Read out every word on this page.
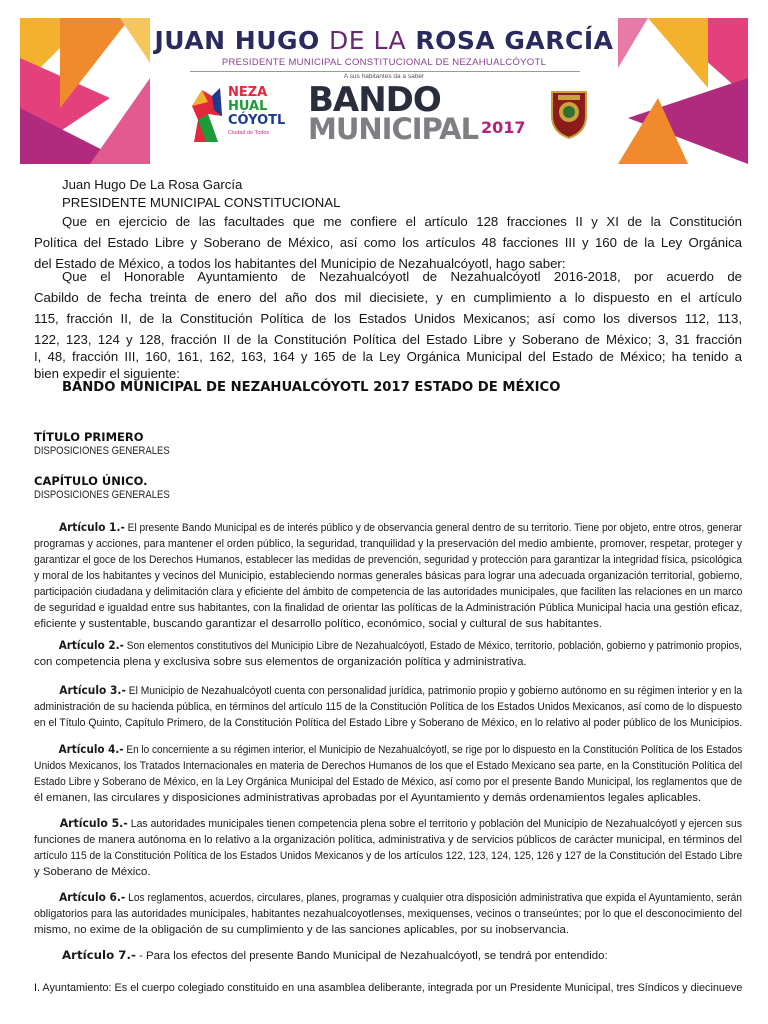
JUAN HUGO DE LA ROSA GARCÍA
PRESIDENTE MUNICIPAL CONSTITUCIONAL DE NEZAHUALCÓYOTL
A sus habitantes da a saber
NEZA
HUAL
CÓYOTL
Ciudad de Todos
BANDO
MUNICIPAL 2017
Juan Hugo De La Rosa García
PRESIDENTE MUNICIPAL CONSTITUCIONAL
Que en ejercicio de las facultades que me confiere el artículo 128 fracciones II y XI de la Constitución
Política del Estado Libre y Soberano de México, así como los artículos 48 facciones III y 160 de la Ley Orgánica
del Estado de México, a todos los habitantes del Municipio de Nezahualcóyotl, hago saber:
Que el Honorable Ayuntamiento de Nezahualcóyotl de Nezahualcóyotl 2016-2018, por acuerdo de
Cabildo de fecha treinta de enero del año dos mil diecisiete, y en cumplimiento a lo dispuesto en el artículo
115, fracción II, de la Constitución Política de los Estados Unidos Mexicanos; así como los diversos 112, 113,
122, 123, 124 y 128, fracción II de la Constitución Política del Estado Libre y Soberano de México; 3, 31 fracción
I, 48, fracción III, 160, 161, 162, 163, 164 y 165 de la Ley Orgánica Municipal del Estado de México; ha tenido a
bien expedir el siguiente:
BANDO MUNICIPAL DE NEZAHUALCÓYOTL 2017 ESTADO DE MÉXICO
TÍTULO PRIMERO
DISPOSICIONES GENERALES
CAPÍTULO ÚNICO.
DISPOSICIONES GENERALES
Artículo 1.- El presente Bando Municipal es de interés público y de observancia general dentro de su territorio. Tiene por objeto, entre otros, generar
programas y acciones, para mantener el orden público, la seguridad, tranquilidad y la preservación del medio ambiente, promover, respetar, proteger y
garantizar el goce de los Derechos Humanos, establecer las medidas de prevención, seguridad y protección para garantizar la integridad física, psicológica
y moral de los habitantes y vecinos del Municipio, estableciendo normas generales básicas para lograr una adecuada organización territorial, gobierno,
participación ciudadana y delimitación clara y eficiente del ámbito de competencia de las autoridades municipales, que faciliten las relaciones en un marco
de seguridad e igualdad entre sus habitantes, con la finalidad de orientar las políticas de la Administración Pública Municipal hacia una gestión eficaz,
eficiente y sustentable, buscando garantizar el desarrollo político, económico, social y cultural de sus habitantes.
Artículo 2.- Son elementos constitutivos del Municipio Libre de Nezahualcóyotl, Estado de México, territorio, población, gobierno y patrimonio propios,
con competencia plena y exclusiva sobre sus elementos de organización política y administrativa.
Artículo 3.- El Municipio de Nezahualcóyotl cuenta con personalidad jurídica, patrimonio propio y gobierno autónomo en su régimen interior y en la
administración de su hacienda pública, en términos del artículo 115 de la Constitución Política de los Estados Unidos Mexicanos, así como de lo dispuesto
en el Título Quinto, Capítulo Primero, de la Constitución Política del Estado Libre y Soberano de México, en lo relativo al poder público de los Municipios.
Artículo 4.- En lo concerniente a su régimen interior, el Municipio de Nezahualcóyotl, se rige por lo dispuesto en la Constitución Política de los Estados
Unidos Mexicanos, los Tratados Internacionales en materia de Derechos Humanos de los que el Estado Mexicano sea parte, en la Constitución Política del
Estado Libre y Soberano de México, en la Ley Orgánica Municipal del Estado de México, así como por el presente Bando Municipal, los reglamentos que de
él emanen, las circulares y disposiciones administrativas aprobadas por el Ayuntamiento y demás ordenamientos legales aplicables.
Artículo 5.- Las autoridades municipales tienen competencia plena sobre el territorio y población del Municipio de Nezahualcóyotl y ejercen sus
funciones de manera autónoma en lo relativo a la organización política, administrativa y de servicios públicos de carácter municipal, en términos del
artículo 115 de la Constitución Política de los Estados Unidos Mexicanos y de los artículos 122, 123, 124, 125, 126 y 127 de la Constitución del Estado Libre
y Soberano de México.
Artículo 6.- Los reglamentos, acuerdos, circulares, planes, programas y cualquier otra disposición administrativa que expida el Ayuntamiento, serán
obligatorios para las autoridades municipales, habitantes nezahualcoyotlenses, mexiquenses, vecinos o transeúntes; por lo que el desconocimiento del
mismo, no exime de la obligación de su cumplimiento y de las sanciones aplicables, por su inobservancia.
Artículo 7.- - Para los efectos del presente Bando Municipal de Nezahualcóyotl, se tendrá por entendido:
I. Ayuntamiento: Es el cuerpo colegiado constituido en una asamblea deliberante, integrada por un Presidente Municipal, tres Síndicos y diecinueve
